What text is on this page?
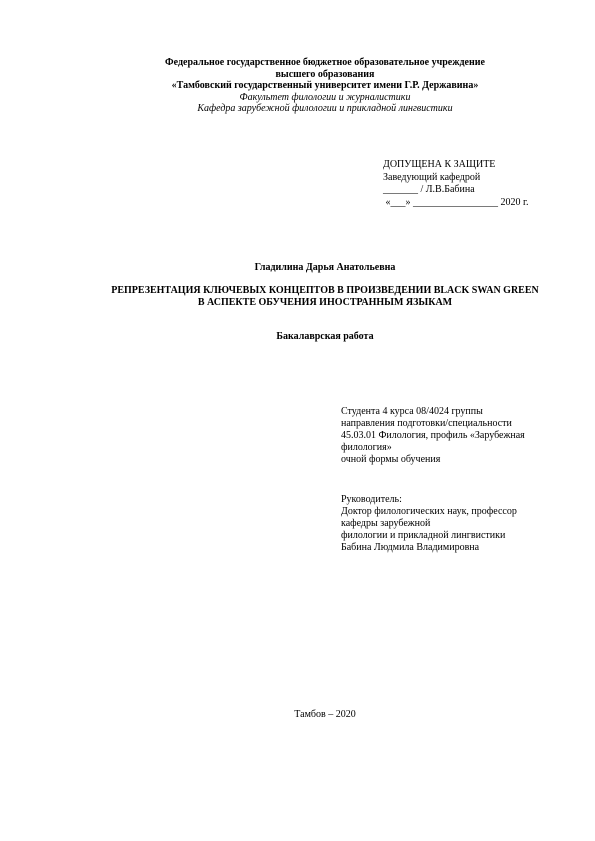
Федеральное государственное бюджетное образовательное учреждение
высшего образования
«Тамбовский государственный университет имени Г.Р. Державина»
Факультет филологии и журналистики
Кафедра зарубежной филологии и прикладной лингвистики
ДОПУЩЕНА К ЗАЩИТЕ
Заведующий кафедрой
_______ / Л.В.Бабина
«___» _________________ 2020 г.
Гладилина Дарья Анатольевна
РЕПРЕЗЕНТАЦИЯ КЛЮЧЕВЫХ КОНЦЕПТОВ В ПРОИЗВЕДЕНИИ BLACK SWAN GREEN
В АСПЕКТЕ ОБУЧЕНИЯ ИНОСТРАННЫМ ЯЗЫКАМ
Бакалаврская работа
Студента 4 курса 08/4024 группы
направления подготовки/специальности
45.03.01 Филология, профиль «Зарубежная
филология»
очной формы обучения
Руководитель:
Доктор филологических наук, профессор
кафедры зарубежной
филологии и прикладной лингвистики
Бабина Людмила Владимировна
Тамбов – 2020
